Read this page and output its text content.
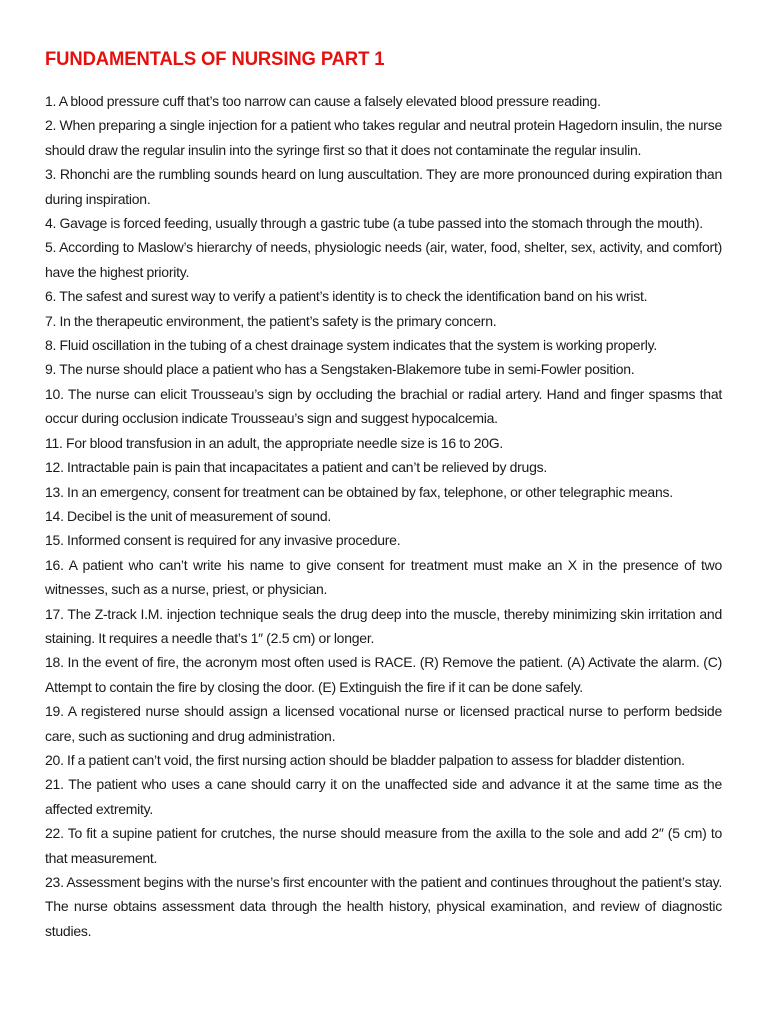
FUNDAMENTALS OF NURSING PART 1
1. A blood pressure cuff that’s too narrow can cause a falsely elevated blood pressure reading.
2. When preparing a single injection for a patient who takes regular and neutral protein Hagedorn insulin, the nurse should draw the regular insulin into the syringe first so that it does not contaminate the regular insulin.
3. Rhonchi are the rumbling sounds heard on lung auscultation. They are more pronounced during expiration than during inspiration.
4. Gavage is forced feeding, usually through a gastric tube (a tube passed into the stomach through the mouth).
5. According to Maslow’s hierarchy of needs, physiologic needs (air, water, food, shelter, sex, activity, and comfort) have the highest priority.
6. The safest and surest way to verify a patient’s identity is to check the identification band on his wrist.
7. In the therapeutic environment, the patient’s safety is the primary concern.
8. Fluid oscillation in the tubing of a chest drainage system indicates that the system is working properly.
9. The nurse should place a patient who has a Sengstaken-Blakemore tube in semi-Fowler position.
10. The nurse can elicit Trousseau’s sign by occluding the brachial or radial artery. Hand and finger spasms that occur during occlusion indicate Trousseau’s sign and suggest hypocalcemia.
11. For blood transfusion in an adult, the appropriate needle size is 16 to 20G.
12. Intractable pain is pain that incapacitates a patient and can’t be relieved by drugs.
13. In an emergency, consent for treatment can be obtained by fax, telephone, or other telegraphic means.
14. Decibel is the unit of measurement of sound.
15. Informed consent is required for any invasive procedure.
16. A patient who can’t write his name to give consent for treatment must make an X in the presence of two witnesses, such as a nurse, priest, or physician.
17. The Z-track I.M. injection technique seals the drug deep into the muscle, thereby minimizing skin irritation and staining. It requires a needle that’s 1″ (2.5 cm) or longer.
18. In the event of fire, the acronym most often used is RACE. (R) Remove the patient. (A) Activate the alarm. (C) Attempt to contain the fire by closing the door. (E) Extinguish the fire if it can be done safely.
19. A registered nurse should assign a licensed vocational nurse or licensed practical nurse to perform bedside care, such as suctioning and drug administration.
20. If a patient can’t void, the first nursing action should be bladder palpation to assess for bladder distention.
21. The patient who uses a cane should carry it on the unaffected side and advance it at the same time as the affected extremity.
22. To fit a supine patient for crutches, the nurse should measure from the axilla to the sole and add 2″ (5 cm) to that measurement.
23. Assessment begins with the nurse’s first encounter with the patient and continues throughout the patient’s stay. The nurse obtains assessment data through the health history, physical examination, and review of diagnostic studies.
